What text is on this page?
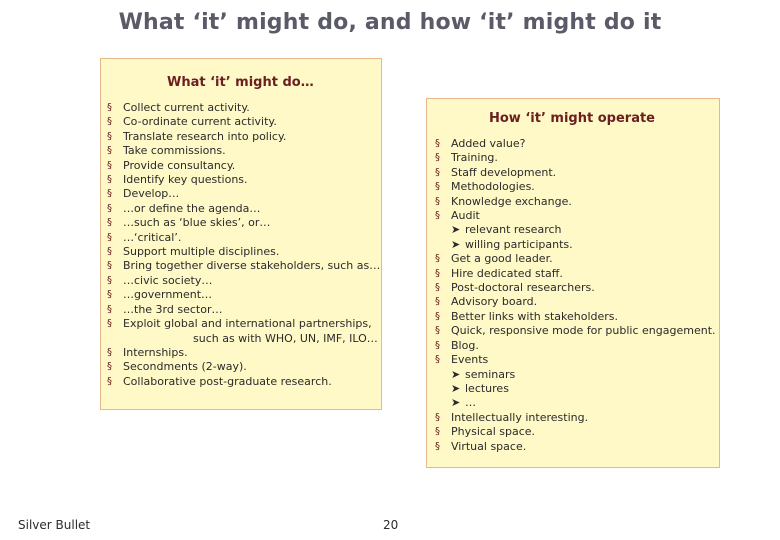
What ‘it’ might do, and how ‘it’ might do it
What ‘it’ might do…
§ Collect current activity.
§ Co-ordinate current activity.
§ Translate research into policy.
§ Take commissions.
§ Provide consultancy.
§ Identify key questions.
§ Develop…
§ …or define the agenda…
§ …such as ‘blue skies’, or…
§ …‘critical’.
§ Support multiple disciplines.
§ Bring together diverse stakeholders, such as…
§ …civic society…
§ …government…
§ …the 3rd sector…
§ Exploit global and international partnerships,
such as with WHO, UN, IMF, ILO…
§ Internships.
§ Secondments (2-way).
§ Collaborative post-graduate research.
How ‘it’ might operate
§ Added value?
§ Training.
§ Staff development.
§ Methodologies.
§ Knowledge exchange.
§ Audit
➤ relevant research
➤ willing participants.
§ Get a good leader.
§ Hire dedicated staff.
§ Post-doctoral researchers.
§ Advisory board.
§ Better links with stakeholders.
§ Quick, responsive mode for public engagement.
§ Blog.
§ Events
➤ seminars
➤ lectures
➤ …
§ Intellectually interesting.
§ Physical space.
§ Virtual space.
Silver Bullet	20
